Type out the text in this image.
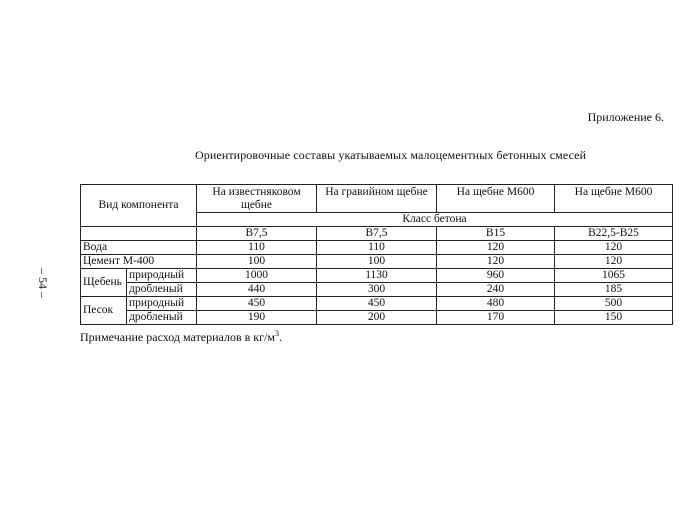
Приложение 6.
Ориентировочные составы укатываемых малоцементных бетонных смесей
– 54 –
Вид компонента		На известняковом щебне	На гравийном щебне	На щебне М600	На щебне М600
		Класс бетона			
		B7,5	B7,5	B15	B22,5-B25
Вода		110	110	120	120
Цемент М-400		100	100	120	120
Щебень	природный	1000	1130	960	1065
	дробленый	440	300	240	185
Песок	природный	450	450	480	500
	дробленый	190	200	170	150
Примечание расход материалов в $кг/м^3$.
